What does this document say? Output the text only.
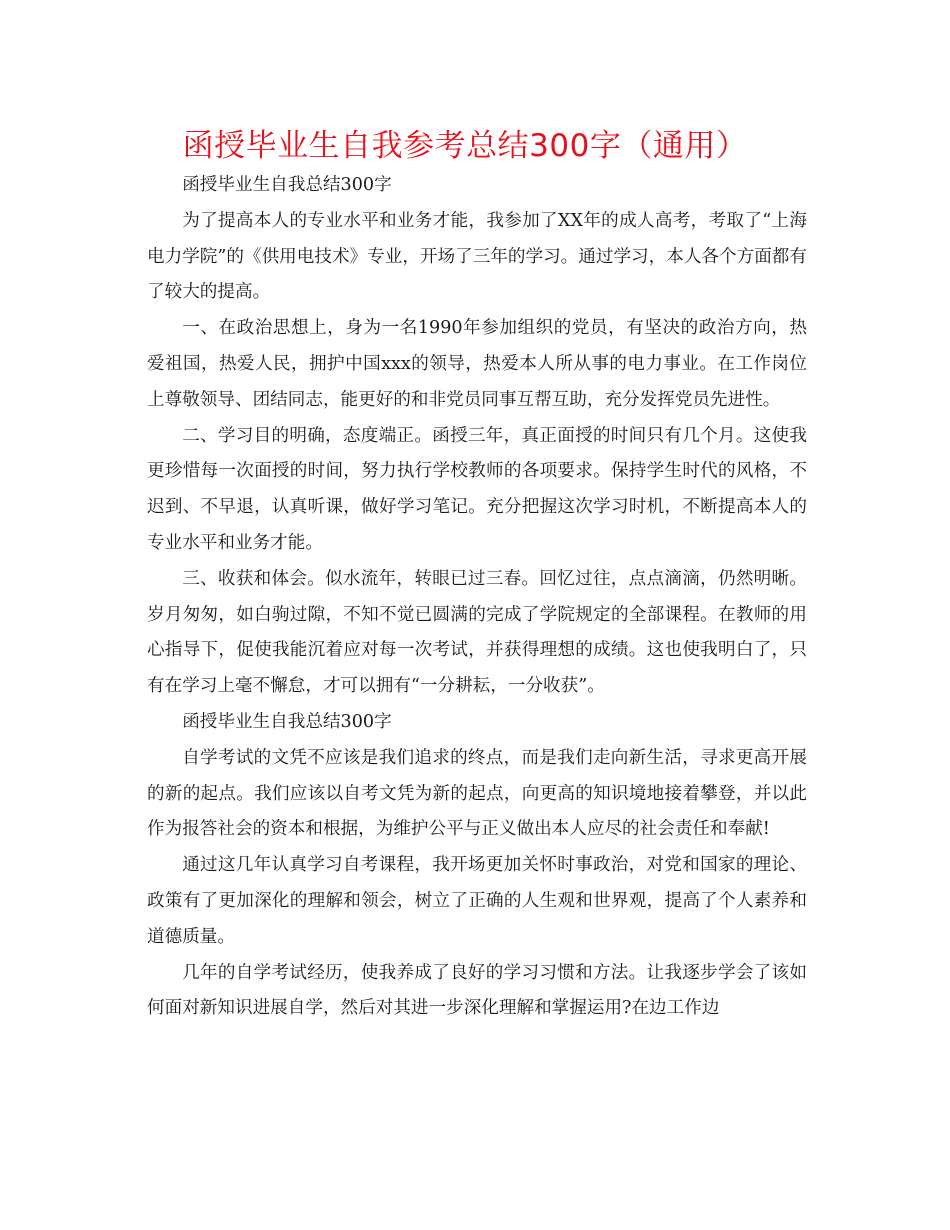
函授毕业生自我参考总结300字（通用）

函授毕业生自我总结300字

为了提高本人的专业水平和业务才能，我参加了XX年的成人高考，考取了“上海电力学院”的《供用电技术》专业，开场了三年的学习。通过学习，本人各个方面都有了较大的提高。

一、在政治思想上，身为一名1990年参加组织的党员，有坚决的政治方向，热爱祖国，热爱人民，拥护中国xxx的领导，热爱本人所从事的电力事业。在工作岗位上尊敬领导、团结同志，能更好的和非党员同事互帮互助，充分发挥党员先进性。

二、学习目的明确，态度端正。函授三年，真正面授的时间只有几个月。这使我更珍惜每一次面授的时间，努力执行学校教师的各项要求。保持学生时代的风格，不迟到、不早退，认真听课，做好学习笔记。充分把握这次学习时机，不断提高本人的专业水平和业务才能。

三、收获和体会。似水流年，转眼已过三春。回忆过往，点点滴滴，仍然明晰。岁月匆匆，如白驹过隙，不知不觉已圆满的完成了学院规定的全部课程。在教师的用心指导下，促使我能沉着应对每一次考试，并获得理想的成绩。这也使我明白了，只有在学习上毫不懈怠，才可以拥有“一分耕耘，一分收获”。

函授毕业生自我总结300字

自学考试的文凭不应该是我们追求的终点，而是我们走向新生活，寻求更高开展的新的起点。我们应该以自考文凭为新的起点，向更高的知识境地接着攀登，并以此作为报答社会的资本和根据，为维护公平与正义做出本人应尽的社会责任和奉献!

通过这几年认真学习自考课程，我开场更加关怀时事政治，对党和国家的理论、政策有了更加深化的理解和领会，树立了正确的人生观和世界观，提高了个人素养和道德质量。

几年的自学考试经历，使我养成了良好的学习习惯和方法。让我逐步学会了该如何面对新知识进展自学，然后对其进一步深化理解和掌握运用?在边工作边
